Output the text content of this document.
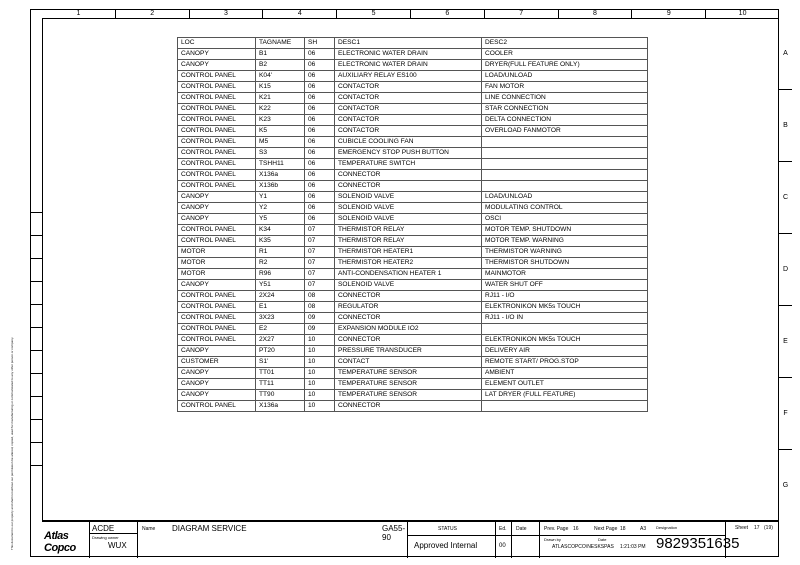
1	2	3	4	5	6	7	8	9	10
A
B
C
D
E
F
G
This document is our property and shall not without our permission be altered, copied, used for manufacturing or communicated to any other person or company.
LOC	TAGNAME	SH	DESC1	DESC2
CANOPY	B1	06	ELECTRONIC WATER DRAIN	COOLER
CANOPY	B2	06	ELECTRONIC WATER DRAIN	DRYER(FULL FEATURE ONLY)
CONTROL PANEL	K04'	06	AUXILIARY RELAY ES100	LOAD/UNLOAD
CONTROL PANEL	K15	06	CONTACTOR	FAN MOTOR
CONTROL PANEL	K21	06	CONTACTOR	LINE CONNECTION
CONTROL PANEL	K22	06	CONTACTOR	STAR CONNECTION
CONTROL PANEL	K23	06	CONTACTOR	DELTA CONNECTION
CONTROL PANEL	K5	06	CONTACTOR	OVERLOAD FANMOTOR
CONTROL PANEL	M5	06	CUBICLE COOLING FAN	
CONTROL PANEL	S3	06	EMERGENCY STOP PUSH BUTTON	
CONTROL PANEL	TSHH11	06	TEMPERATURE SWITCH	
CONTROL PANEL	X136a	06	CONNECTOR	
CONTROL PANEL	X136b	06	CONNECTOR	
CANOPY	Y1	06	SOLENOID VALVE	LOAD/UNLOAD
CANOPY	Y2	06	SOLENOID VALVE	MODULATING CONTROL
CANOPY	Y5	06	SOLENOID VALVE	OSCI
CONTROL PANEL	K34	07	THERMISTOR RELAY	MOTOR TEMP. SHUTDOWN
CONTROL PANEL	K35	07	THERMISTOR RELAY	MOTOR TEMP. WARNING
MOTOR	R1	07	THERMISTOR HEATER1	THERMISTOR WARNING
MOTOR	R2	07	THERMISTOR HEATER2	THERMISTOR SHUTDOWN
MOTOR	R96	07	ANTI-CONDENSATION HEATER 1	MAINMOTOR
CANOPY	Y51	07	SOLENOID VALVE	WATER SHUT OFF
CONTROL PANEL	2X24	08	CONNECTOR	RJ11 - I/O
CONTROL PANEL	E1	08	REGULATOR	ELEKTRONIKON MK5s TOUCH
CONTROL PANEL	3X23	09	CONNECTOR	RJ11 - I/O IN
CONTROL PANEL	E2	09	EXPANSION MODULE IO2	
CONTROL PANEL	2X27	10	CONNECTOR	ELEKTRONIKON MK5s TOUCH
CANOPY	PT20	10	PRESSURE TRANSDUCER	DELIVERY AIR
CUSTOMER	S1'	10	CONTACT	REMOTE START/ PROG.STOP
CANOPY	TT01	10	TEMPERATURE SENSOR	AMBIENT
CANOPY	TT11	10	TEMPERATURE SENSOR	ELEMENT OUTLET
CANOPY	TT90	10	TEMPERATURE SENSOR	LAT DRYER (FULL FEATURE)
CONTROL PANEL	X136a	10	CONNECTOR	
Atlas Copco
ACDE
Drawing owner
WUX
Name DIAGRAM SERVICE	GA55-90
STATUS
Approved Internal
Ed.
00
Date	Prev. Page 16	Next Page 18	A3
Drawn by
ATLASCOPCO\NESKSPAS
Date
1:21:03 PM
Designation	Sheet 17 (19)
9829351635
